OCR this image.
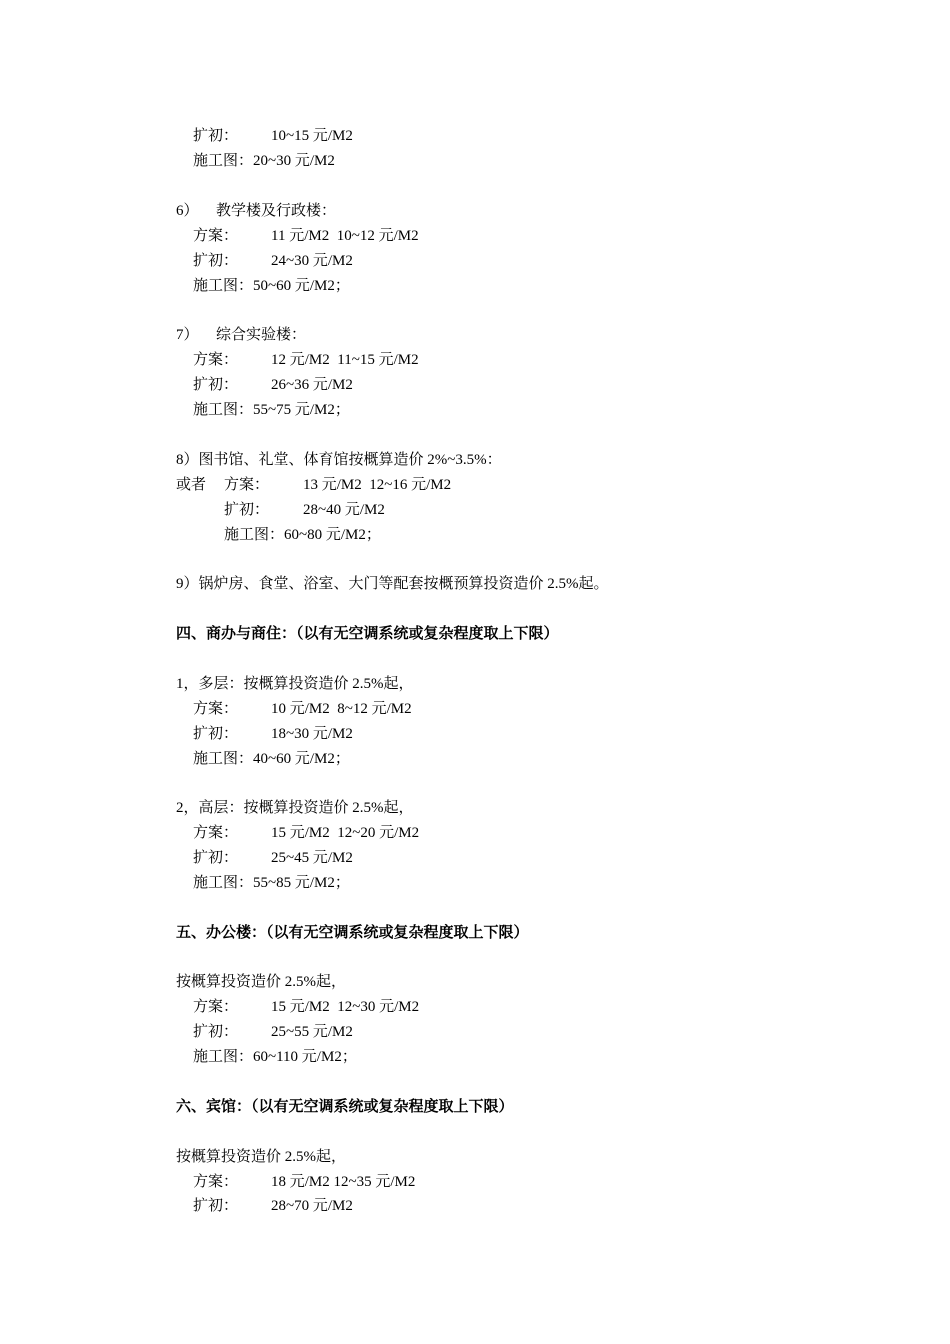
扩初：

10~15 元/M2

施工图：20~30 元/M2

6）

教学楼及行政楼：

方案：

11 元/M2  10~12 元/M2

扩初：

24~30 元/M2

施工图：50~60 元/M2；

7）

综合实验楼：

方案：

12 元/M2  11~15 元/M2

扩初：

26~36 元/M2

施工图：55~75 元/M2；

8）图书馆、礼堂、体育馆按概算造价 2%~3.5%：

或者

方案：

13 元/M2  12~16 元/M2

扩初：

28~40 元/M2

施工图：60~80 元/M2；

9）锅炉房、食堂、浴室、大门等配套按概预算投资造价 2.5%起。

四、商办与商住：（以有无空调系统或复杂程度取上下限）

1，多层：按概算投资造价 2.5%起，

方案：

10 元/M2  8~12 元/M2

扩初：

18~30 元/M2

施工图：40~60 元/M2；

2，高层：按概算投资造价 2.5%起，

方案：

15 元/M2  12~20 元/M2

扩初：

25~45 元/M2

施工图：55~85 元/M2；

五、办公楼：（以有无空调系统或复杂程度取上下限）

按概算投资造价 2.5%起，

方案：

15 元/M2  12~30 元/M2

扩初：

25~55 元/M2

施工图：60~110 元/M2；

六、宾馆：（以有无空调系统或复杂程度取上下限）

按概算投资造价 2.5%起，

方案：

18 元/M2 12~35 元/M2

扩初：

28~70 元/M2
